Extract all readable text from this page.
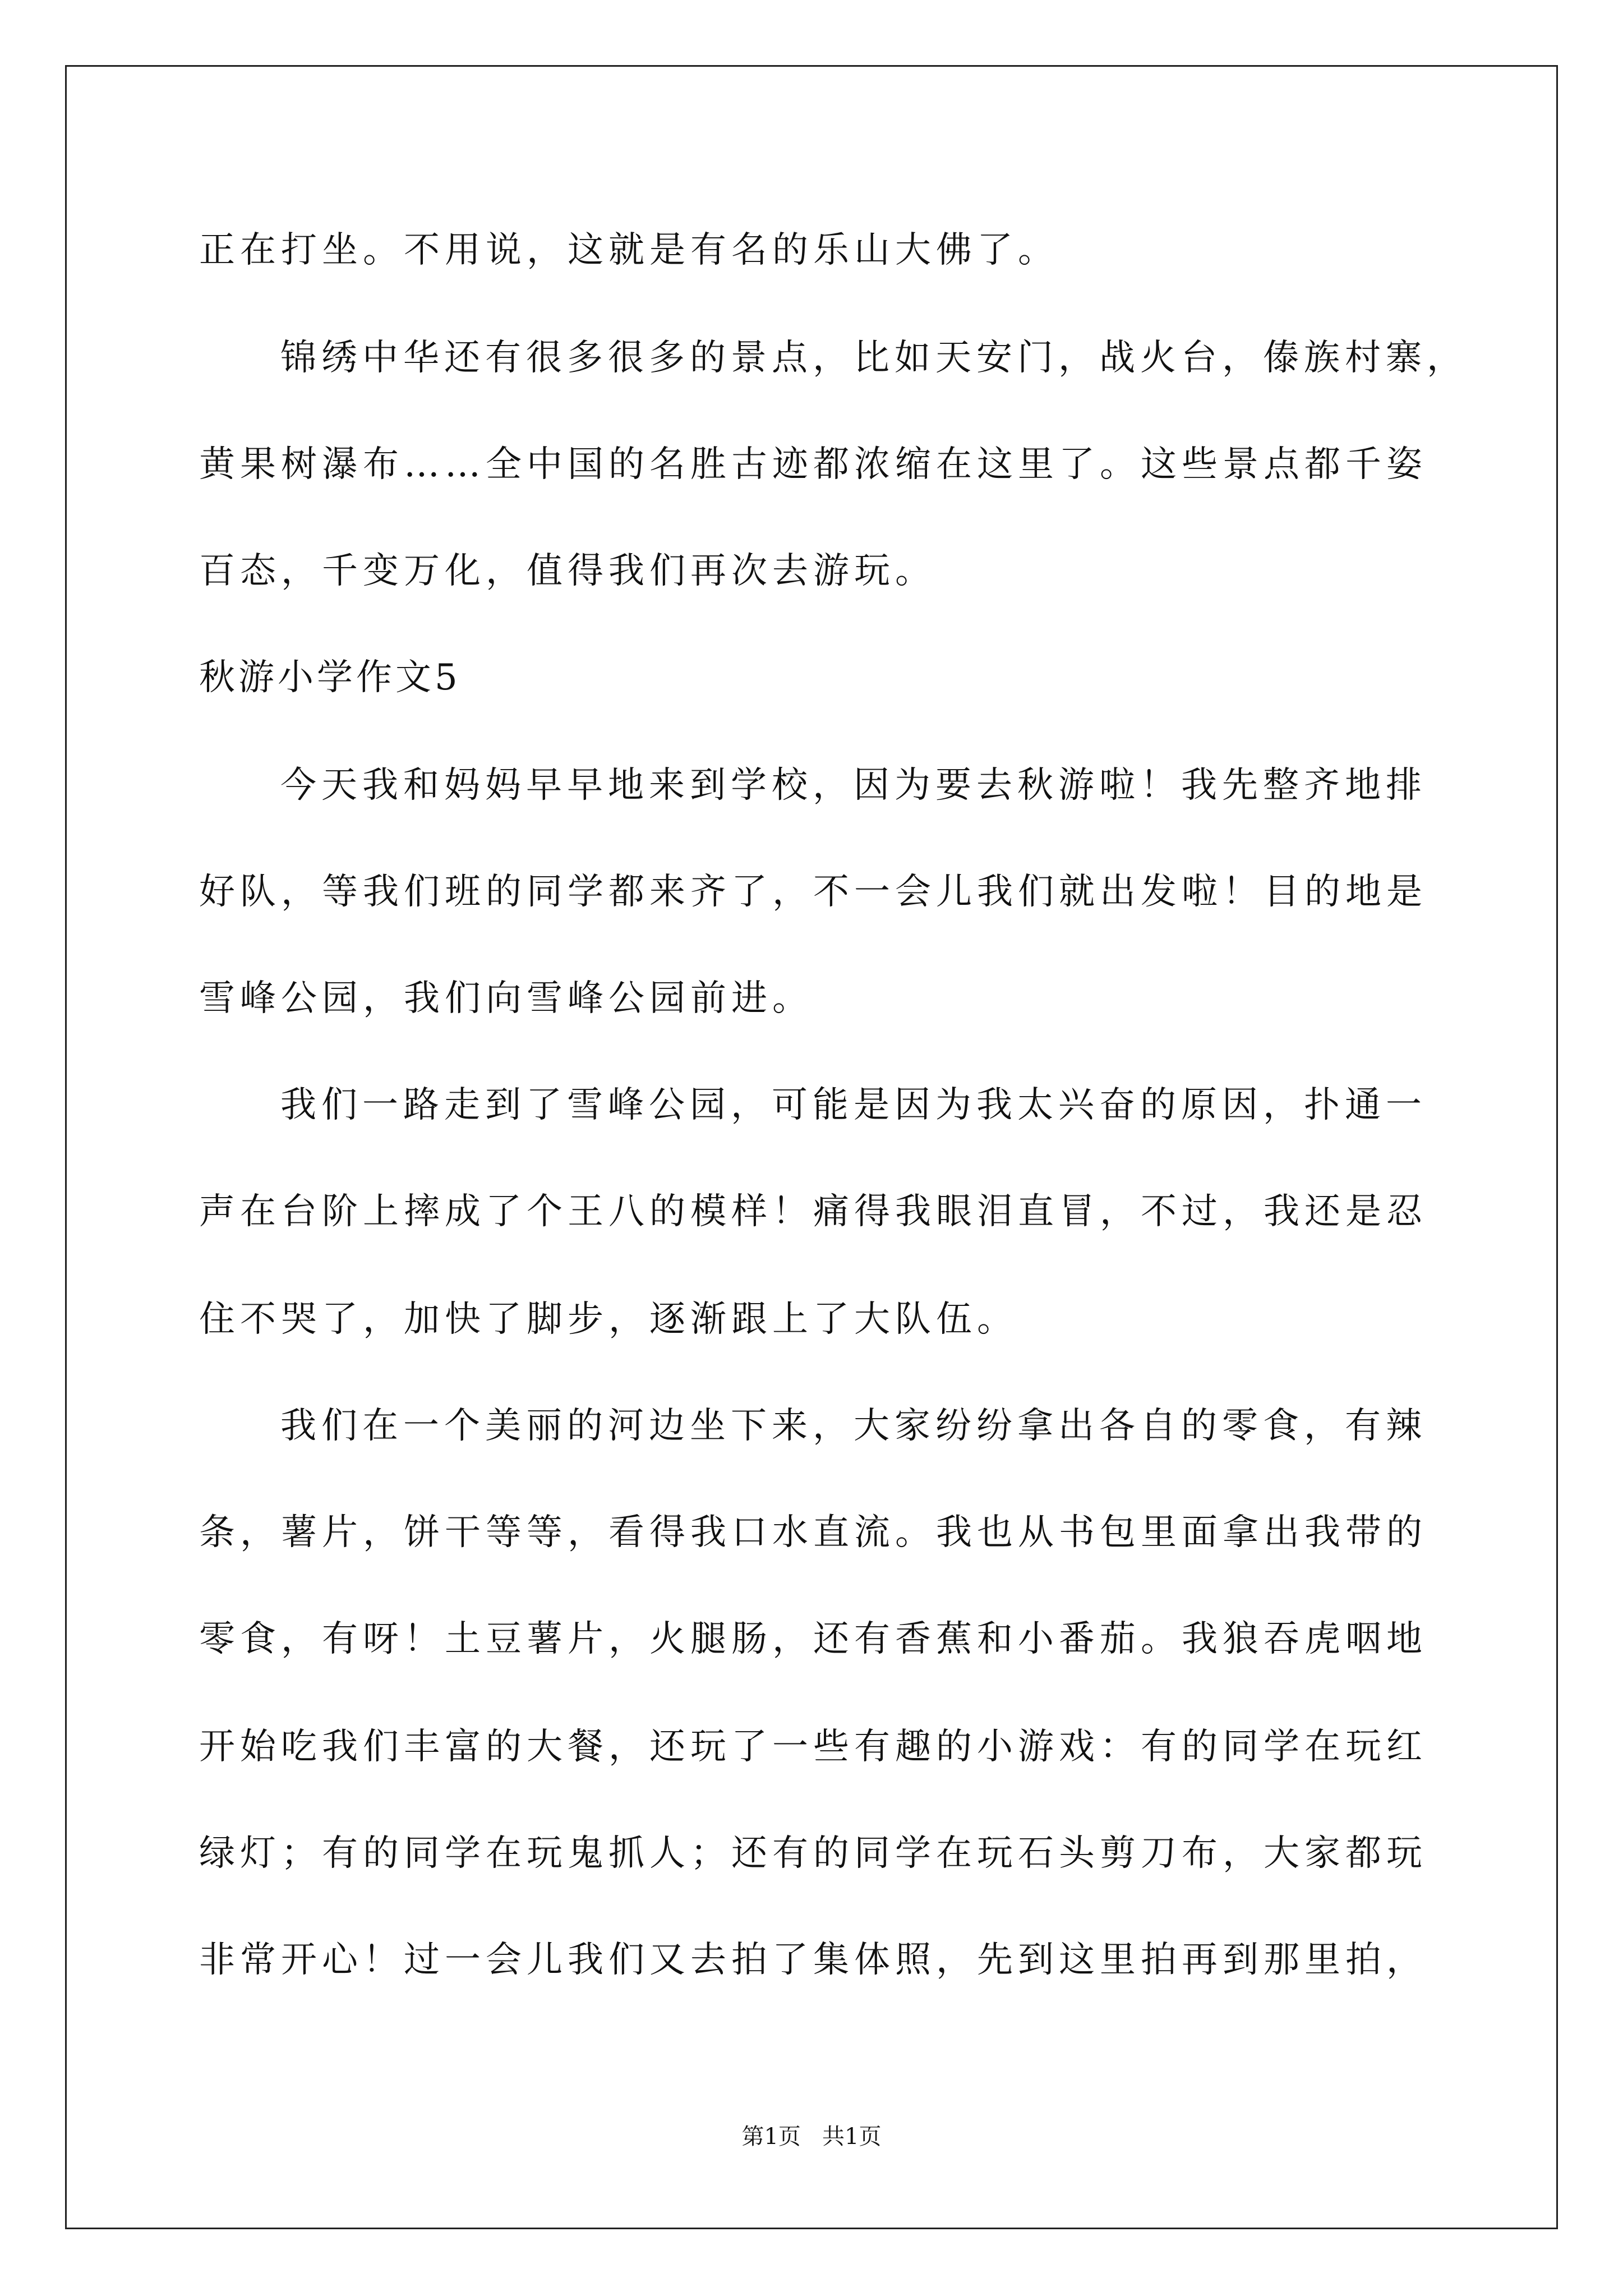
正在打坐。不用说，这就是有名的乐山大佛了。
锦绣中华还有很多很多的景点，比如天安门，战火台，傣族村寨，
黄果树瀑布……全中国的名胜古迹都浓缩在这里了。这些景点都千姿
百态，千变万化，值得我们再次去游玩。
秋游小学作文5
今天我和妈妈早早地来到学校，因为要去秋游啦！我先整齐地排
好队，等我们班的同学都来齐了，不一会儿我们就出发啦！目的地是
雪峰公园，我们向雪峰公园前进。
我们一路走到了雪峰公园，可能是因为我太兴奋的原因，扑通一
声在台阶上摔成了个王八的模样！痛得我眼泪直冒，不过，我还是忍
住不哭了，加快了脚步，逐渐跟上了大队伍。
我们在一个美丽的河边坐下来，大家纷纷拿出各自的零食，有辣
条，薯片，饼干等等，看得我口水直流。我也从书包里面拿出我带的
零食，有呀！土豆薯片，火腿肠，还有香蕉和小番茄。我狼吞虎咽地
开始吃我们丰富的大餐，还玩了一些有趣的小游戏：有的同学在玩红
绿灯；有的同学在玩鬼抓人；还有的同学在玩石头剪刀布，大家都玩
非常开心！过一会儿我们又去拍了集体照，先到这里拍再到那里拍，
第1页   共1页
